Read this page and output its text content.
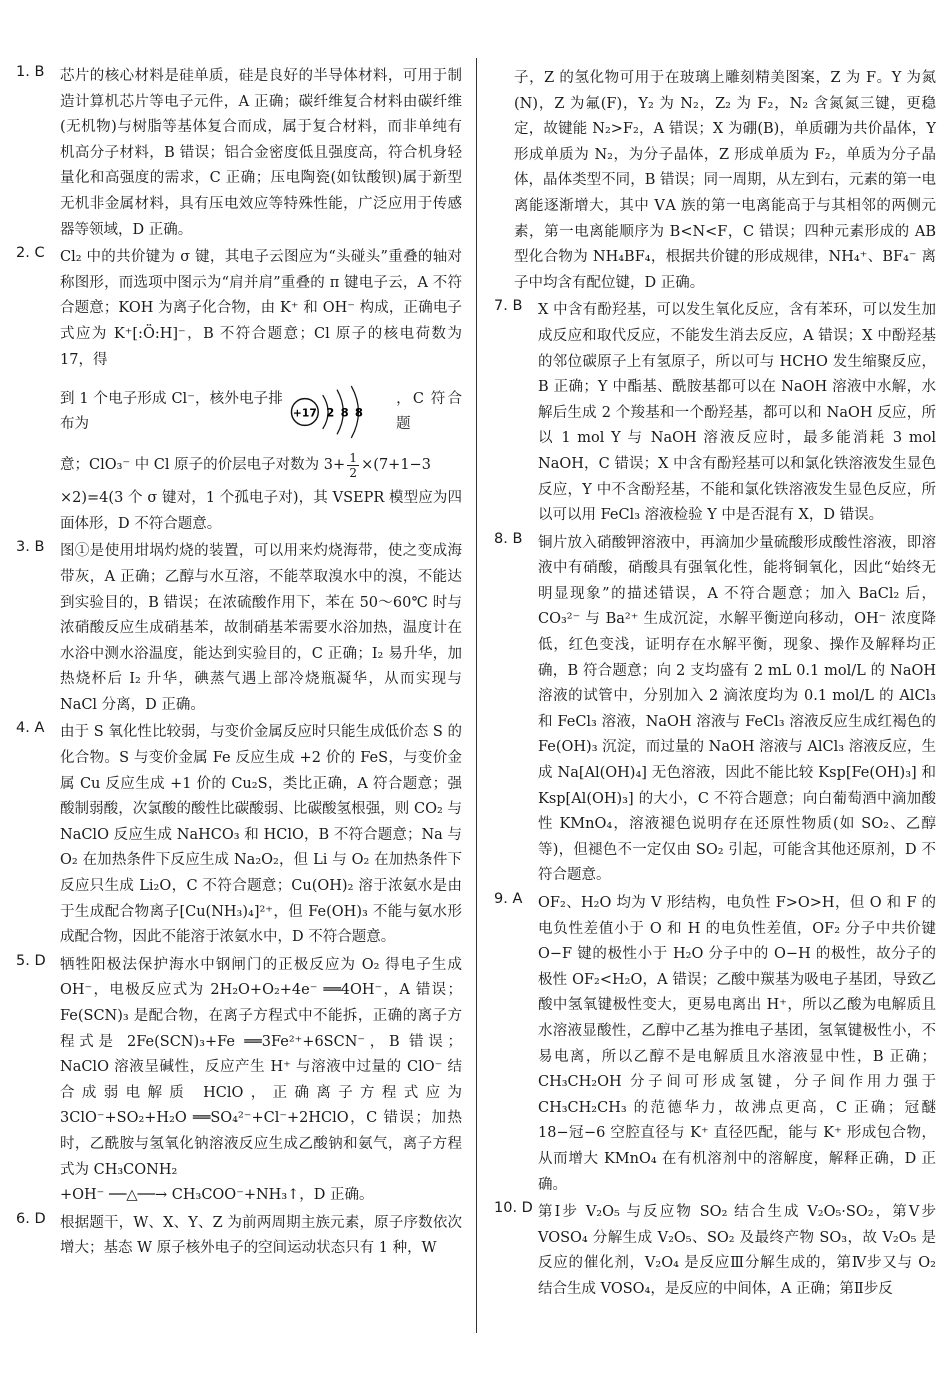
1. B	芯片的核心材料是硅单质，硅是良好的半导体材料，可用于制造计算机芯片等电子元件，A 正确；碳纤维复合材料由碳纤维(无机物)与树脂等基体复合而成，属于复合材料，而非单纯有机高分子材料，B 错误；铝合金密度低且强度高，符合机身轻量化和高强度的需求，C 正确；压电陶瓷(如钛酸钡)属于新型无机非金属材料，具有压电效应等特殊性能，广泛应用于传感器等领域，D 正确。

2. C	Cl₂ 中的共价键为 σ 键，其电子云图应为“头碰头”重叠的轴对称图形，而选项中图示为“肩并肩”重叠的 π 键电子云，A 不符合题意；KOH 为离子化合物，由 K⁺ 和 OH⁻ 构成，正确电子式应为 K⁺[:Ö:H]⁻，B 不符合题意；Cl 原子的核电荷数为 17，得

到 1 个电子形成 Cl⁻，核外电子排布为
+17 2 8 8
，C 符合题
意；ClO₃⁻ 中 Cl 原子的价层电子对数为 $3+ \frac{1}{2} \times(7+1-3$

×2)=4(3 个 σ 键对，1 个孤电子对)，其 VSEPR 模型应为四面体形，D 不符合题意。

3. B	图①是使用坩埚灼烧的装置，可以用来灼烧海带，使之变成海带灰，A 正确；乙醇与水互溶，不能萃取溴水中的溴，不能达到实验目的，B 错误；在浓硫酸作用下，苯在 50～60℃ 时与浓硝酸反应生成硝基苯，故制硝基苯需要水浴加热，温度计在水浴中测水浴温度，能达到实验目的，C 正确；I₂ 易升华，加热烧杯后 I₂ 升华，碘蒸气遇上部冷烧瓶凝华，从而实现与 NaCl 分离，D 正确。

4. A	由于 S 氧化性比较弱，与变价金属反应时只能生成低价态 S 的化合物。S 与变价金属 Fe 反应生成 +2 价的 FeS，与变价金属 Cu 反应生成 +1 价的 Cu₂S，类比正确，A 符合题意；强酸制弱酸，次氯酸的酸性比碳酸弱、比碳酸氢根强，则 CO₂ 与 NaClO 反应生成 NaHCO₃ 和 HClO，B 不符合题意；Na 与 O₂ 在加热条件下反应生成 Na₂O₂，但 Li 与 O₂ 在加热条件下反应只生成 Li₂O，C 不符合题意；Cu(OH)₂ 溶于浓氨水是由于生成配合物离子[Cu(NH₃)₄]²⁺，但 Fe(OH)₃ 不能与氨水形成配合物，因此不能溶于浓氨水中，D 不符合题意。

5. D 牺牲阳极法保护海水中钢闸门的正极反应为 O₂ 得电子生成 OH⁻，电极反应式为 2H₂O+O₂+4e⁻ ══4OH⁻，A 错误；Fe(SCN)₃ 是配合物，在离子方程式中不能拆，正确的离子方程式是 2Fe(SCN)₃+Fe ══3Fe²⁺+6SCN⁻，B 错误；NaClO 溶液呈碱性，反应产生 H⁺ 与溶液中过量的 ClO⁻ 结合成弱电解质 HClO，正确离子方程式应为 3ClO⁻+SO₂+H₂O ══SO₄²⁻+Cl⁻+2HClO，C 错误；加热时，乙酰胺与氢氧化钠溶液反应生成乙酸钠和氨气，离子方程式为 CH₃CONH₂

+OH⁻ ──△──→ CH₃COO⁻+NH₃↑，D 正确。

6. D 根据题干，W、X、Y、Z 为前两周期主族元素，原子序数依次增大；基态 W 原子核外电子的空间运动状态只有 1 种，W

子，Z 的氢化物可用于在玻璃上雕刻精美图案，Z 为 F。Y 为氮(N)，Z 为氟(F)，Y₂ 为 N₂，Z₂ 为 F₂，N₂ 含氮氮三键，更稳定，故键能 N₂>F₂，A 错误；X 为硼(B)，单质硼为共价晶体，Y 形成单质为 N₂，为分子晶体，Z 形成单质为 F₂，单质为分子晶体，晶体类型不同，B 错误；同一周期，从左到右，元素的第一电离能逐渐增大，其中 ⅤA 族的第一电离能高于与其相邻的两侧元素，第一电离能顺序为 B<N<F，C 错误；四种元素形成的 AB 型化合物为 NH₄BF₄，根据共价键的形成规律，NH₄⁺、BF₄⁻ 离子中均含有配位键，D 正确。

7. B	X 中含有酚羟基，可以发生氧化反应，含有苯环，可以发生加成反应和取代反应，不能发生消去反应，A 错误；X 中酚羟基的邻位碳原子上有氢原子，所以可与 HCHO 发生缩聚反应，B 正确；Y 中酯基、酰胺基都可以在 NaOH 溶液中水解，水解后生成 2 个羧基和一个酚羟基，都可以和 NaOH 反应，所以 1 mol Y 与 NaOH 溶液反应时，最多能消耗 3 mol NaOH，C 错误；X 中含有酚羟基可以和氯化铁溶液发生显色反应，Y 中不含酚羟基，不能和氯化铁溶液发生显色反应，所以可以用 FeCl₃ 溶液检验 Y 中是否混有 X，D 错误。

8. B	铜片放入硝酸钾溶液中，再滴加少量硫酸形成酸性溶液，即溶液中有硝酸，硝酸具有强氧化性，能将铜氧化，因此“始终无明显现象”的描述错误，A 不符合题意；加入 BaCl₂ 后，CO₃²⁻ 与 Ba²⁺ 生成沉淀，水解平衡逆向移动，OH⁻ 浓度降低，红色变浅，证明存在水解平衡，现象、操作及解释均正确，B 符合题意；向 2 支均盛有 2 mL 0.1 mol/L 的 NaOH 溶液的试管中，分别加入 2 滴浓度均为 0.1 mol/L 的 AlCl₃ 和 FeCl₃ 溶液，NaOH 溶液与 FeCl₃ 溶液反应生成红褐色的 Fe(OH)₃ 沉淀，而过量的 NaOH 溶液与 AlCl₃ 溶液反应，生成 Na[Al(OH)₄] 无色溶液，因此不能比较 Ksp[Fe(OH)₃] 和 Ksp[Al(OH)₃] 的大小，C 不符合题意；向白葡萄酒中滴加酸性 KMnO₄，溶液褪色说明存在还原性物质(如 SO₂、乙醇等)，但褪色不一定仅由 SO₂ 引起，可能含其他还原剂，D 不符合题意。

9. A	OF₂、H₂O 均为 V 形结构，电负性 F>O>H，但 O 和 F 的电负性差值小于 O 和 H 的电负性差值，OF₂ 分子中共价键 O−F 键的极性小于 H₂O 分子中的 O−H 的极性，故分子的极性 OF₂<H₂O，A 错误；乙酸中羰基为吸电子基团，导致乙酸中氢氧键极性变大，更易电离出 H⁺，所以乙酸为电解质且水溶液显酸性，乙醇中乙基为推电子基团，氢氧键极性小，不易电离，所以乙醇不是电解质且水溶液显中性，B 正确；CH₃CH₂OH 分子间可形成氢键，分子间作用力强于 CH₃CH₂CH₃ 的范德华力，故沸点更高，C 正确；冠醚 18−冠−6 空腔直径与 K⁺ 直径匹配，能与 K⁺ 形成包合物，从而增大 KMnO₄ 在有机溶剂中的溶解度，解释正确，D 正确。

10. D 第Ⅰ步 V₂O₅ 与反应物 SO₂ 结合生成 V₂O₅·SO₂，第Ⅴ步 VOSO₄ 分解生成 V₂O₅、SO₂ 及最终产物 SO₃，故 V₂O₅ 是反应的催化剂，V₂O₄ 是反应Ⅲ分解生成的，第Ⅳ步又与 O₂ 结合生成 VOSO₄，是反应的中间体，A 正确；第Ⅱ步反
